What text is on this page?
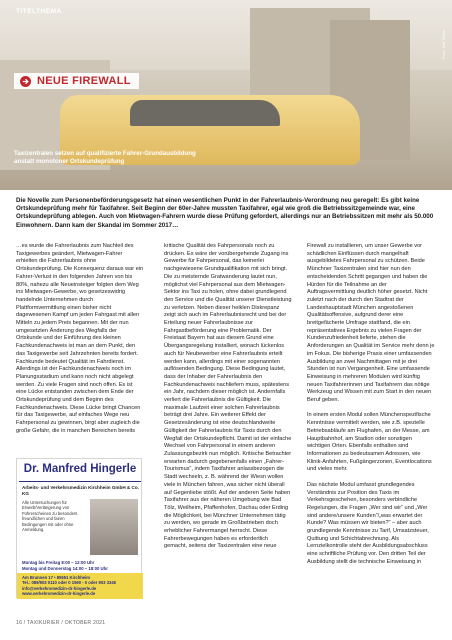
TITELTHEMA
Foto: Taxi Times
NEUE FIREWALL
Taxizentralen setzen auf qualifizierte Fahrer-Grundausbildung
anstatt monotoner Ortskundeprüfung
Die Novelle zum Personenbeförderungsgesetz hat einen wesentlichen Punkt in der Fahrerlaubnis-Verordnung neu geregelt: Es gibt keine Ortskundeprüfung mehr für Taxifahrer. Seit Beginn der 60er-Jahre mussten Taxifahrer, egal wie groß die Betriebssitzgemeinde war, eine Ortskundeprüfung ablegen. Auch von Mietwagen-Fahrern wurde diese Prüfung gefordert, allerdings nur an Betriebssitzen mit mehr als 50.000 Einwohnern. Dann kam der Skandal im Sommer 2017…
…es wurde die Fahrerlaubnis zum Nachteil des Taxigewerbes geändert, Mietwagen-Fahrer erhielten die Fahrerlaubnis ohne Ortskundeprüfung. Die Konsequenz daraus war ein Fahrer-Verlust in den folgenden Jahren von bis 80%, nahezu alle Neueinsteiger folgten dem Weg ins Mietwagen-Gewerbe, wo gesetzeswidrig handelnde Unternehmen durch Plattformvermittlung einen bisher nicht dagewesenen Kampf um jeden Fahrgast mit allen Mitteln zu jedem Preis begannen. Mit der nun umgesetzten Änderung des Wegfalls der Ortskunde und der Einführung des kleinen Fachkundenachweis ist man an dem Punkt, den das Taxigewerbe seit Jahrzehnten bereits fordert. Fachkunde bedeutet Qualität im Fahrdienst. Allerdings ist der Fachkundenachweis noch im Planungsstadium und kann noch nicht abgelegt werden. Zu viele Fragen sind noch offen. Es ist eine Lücke entstanden zwischen dem Ende der Ortskundeprüfung und dem Beginn des Fachkundenachweis. Diese Lücke bringt Chancen für das Taxigewerbe, auf einfaches Wege neu Fahrpersonal zu gewinnen, birgt aber zugleich die große Gefahr, die in manchen Bereichen bereits
kritische Qualität des Fahrpersonals noch zu drücken. Es wäre der vorübergehende Zugang ins Gewerbe für Fahrpersonal, das keinerlei nachgewiesene Grundqualifikation mit sich bringt. Die zu meisternde Gratwanderung lautet nun, möglichst viel Fahrpersonal aus dem Mietwagen-Sektor ins Taxi zu holen, ohne dabei grundlegend den Service und die Qualität unserer Dienstleistung zu verletzen. Neben dieser heiklen Diskrepanz zeigt sich auch im Fahrerlaubnisrecht und bei der Erteilung neuer Fahrerlaubnisse zur Fahrgastbeförderung eine Problematik. Der Freistaat Bayern hat aus diesem Grund eine Übergangsregelung installiert, wonach lückenlos auch für Neubewerber eine Fahrerlaubnis erteilt werden kann, allerdings mit einer sogenannten auflösenden Bedingung. Diese Bedingung lautet, dass der Inhaber der Fahrerlaubnis den Fachkundenachweis nachliefern muss, spätestens ein Jahr, nachdem dieser möglich ist. Andernfalls verliert die Fahrerlaubnis die Gültigkeit. Die maximale Laufzeit einer solchen Fahrerlaubnis beträgt drei Jahre. Ein weiterer Effekt der Gesetzesänderung ist eine deutschlandweite Gültigkeit der Fahrerlaubnis für Taxis durch den Wegfall der Ortskundepflicht. Damit ist der einfache Wechsel von Fahrpersonal in einem anderen Zulassungsbezirk nun möglich. Kritische Betrachter erwarten dadurch gegebenenfalls einen „Fahrer-Tourismus“, indem Taxifahrer anlassbezogen die Stadt wechseln, z. B. während der Wiesn wollen viele in München fahren, was sicher nicht überall auf Gegenliebe stößt. Auf der anderen Seite haben Taxifahrer aus der näheren Umgebung wie Bad Tölz, Weilheim, Pfaffenhofen, Dachau oder Erding die Möglichkeit, bei Münchner Unternehmen tätig zu werden, wo gerade im Großbetrieben doch erheblicher Fahrermangel herrscht. Diese Fahrerbewegungen haben es erfordertlich gemacht, seitens der Taxizentralen eine neue
Firewall zu installieren, um unser Gewerbe vor schädlichen Einflüssen durch mangelhaft ausgebildetes Fahrpersonal zu schützen. Beide Münchner Taxizentralen sind hier nun den entscheidenden Schritt gegangen und haben die Hürden für die Teilnahme an der Auftragsvermittlung deutlich höher gesetzt. Nicht zuletzt nach der durch den Stadtrat der Landeshauptstadt München angestoßenen Qualitätsoffensive, aufgrund derer eine breitgefächerte Umfrage stattfand, die ein repräsentatives Ergebnis zu vielen Fragen der Kundenzufriedenheit lieferte, stehen die Anforderungen an Qualität im Service mehr denn je im Fokus. Die bisherige Praxis einer umfassenden Ausbildung an zwei Nachmittagen mit je drei Stunden ist nun Vergangenheit. Eine umfassende Einweisung in mehreren Modulen wird künftig neuen Taxifahrerinnen und Taxifahrern das nötige Werkzeug und Wissen mit zum Start in den neuen Beruf geben.

In einem ersten Modul sollen Münchenspezifische Kenntnisse vermittelt werden, wie z.B. spezielle Betriebsabläufe am Flughafen, an der Messe, am Hauptbahnhof, am Stadion oder sonstigen wichtigen Orten. Ebenfalls enthalten sind Informationen zu bedeutsamen Adressen, wie Klinik-Anfahrten, Fußgängerzonen, Eventlocations und vieles mehr.

Das nächste Modul umfasst grundlegendes Verständnis zur Position des Taxis im Verkehrsgeschehen, besonders verbindliche Regelungen, die Fragen „Wer sind wir“ und „Wer sind andere/unsere Kunden“/„was erwartet der Kunde? Was müssen wir bieten?“ – aber auch grundlegende Kenntnisse zu Tarif, Umsatzsteuer, Quittung und Schichtabrechnung. Als Lernzielkontrolle steht der Ausbildungsabschluss eine schriftliche Prüfung vor. Den dritten Teil der Ausbildung stellt die technische Einweisung in
Dr. Manfred Hingerle
Arbeits- und Verkehrsmedizin Kirchheim GmbH & Co. KG
Alle Untersuchungen für Erwerb/Verlängerung von Führerscheinen zu besonders freundlichen und fairen Bedingungen mit oder ohne Anmeldung.
Montag bis Freitag 8:00 – 12:00 Uhr
Montag und Donnerstag 14:00 – 18:00 Uhr
Am Brunnen 17 • 85551 Kirchheim
Tel.: 089/903 0110 oder 0 1590 - 0 oder 903 3346
info@verkehrsmedizin-dr-hingerle.de
www.verkehrsmedizin-dr-hingerle.de
16 / TAXIKURIER / OKTOBER 2021
